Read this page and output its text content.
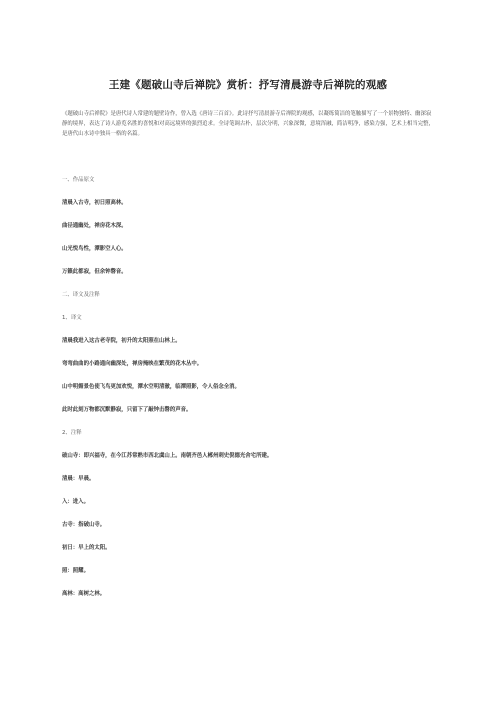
王建《题破山寺后禅院》赏析：抒写清晨游寺后禅院的观感
《题破山寺后禅院》是唐代诗人常建的题壁诗作，曾入选《唐诗三百首》。此诗抒写清晨游寺后禅院的观感，以凝练简洁的笔触描写了一个景物独特、幽深寂静的境界，表达了诗人游览名胜的喜悦和对高远境界的强烈追求。全诗笔调古朴，层次分明，兴象深微，意境浑融，简洁明净，感染力强，艺术上相当完整，是唐代山水诗中独具一格的名篇。
一、作品原文
清晨入古寺，初日照高林。
曲径通幽处，禅房花木深。
山光悦鸟性，潭影空人心。
万籁此都寂，但余钟磬音。
二、译文及注释
1、译文
清晨我进入这古老寺院，初升的太阳照在山林上。
弯弯曲曲的小路通向幽深处，禅房掩映在繁茂的花木丛中。
山中明媚景色使飞鸟更加欢悦，潭水空明清澈，临潭照影，令人俗念全消。
此时此刻万物都沉默静寂，只留下了敲钟击磬的声音。
2、注释
破山寺：即兴福寺，在今江苏常熟市西北虞山上。南朝齐邑人郴州刺史倪德光舍宅所建。
清晨：早晨。
入：进入。
古寺：指破山寺。
初日：早上的太阳。
照：照耀。
高林：高树之林。
